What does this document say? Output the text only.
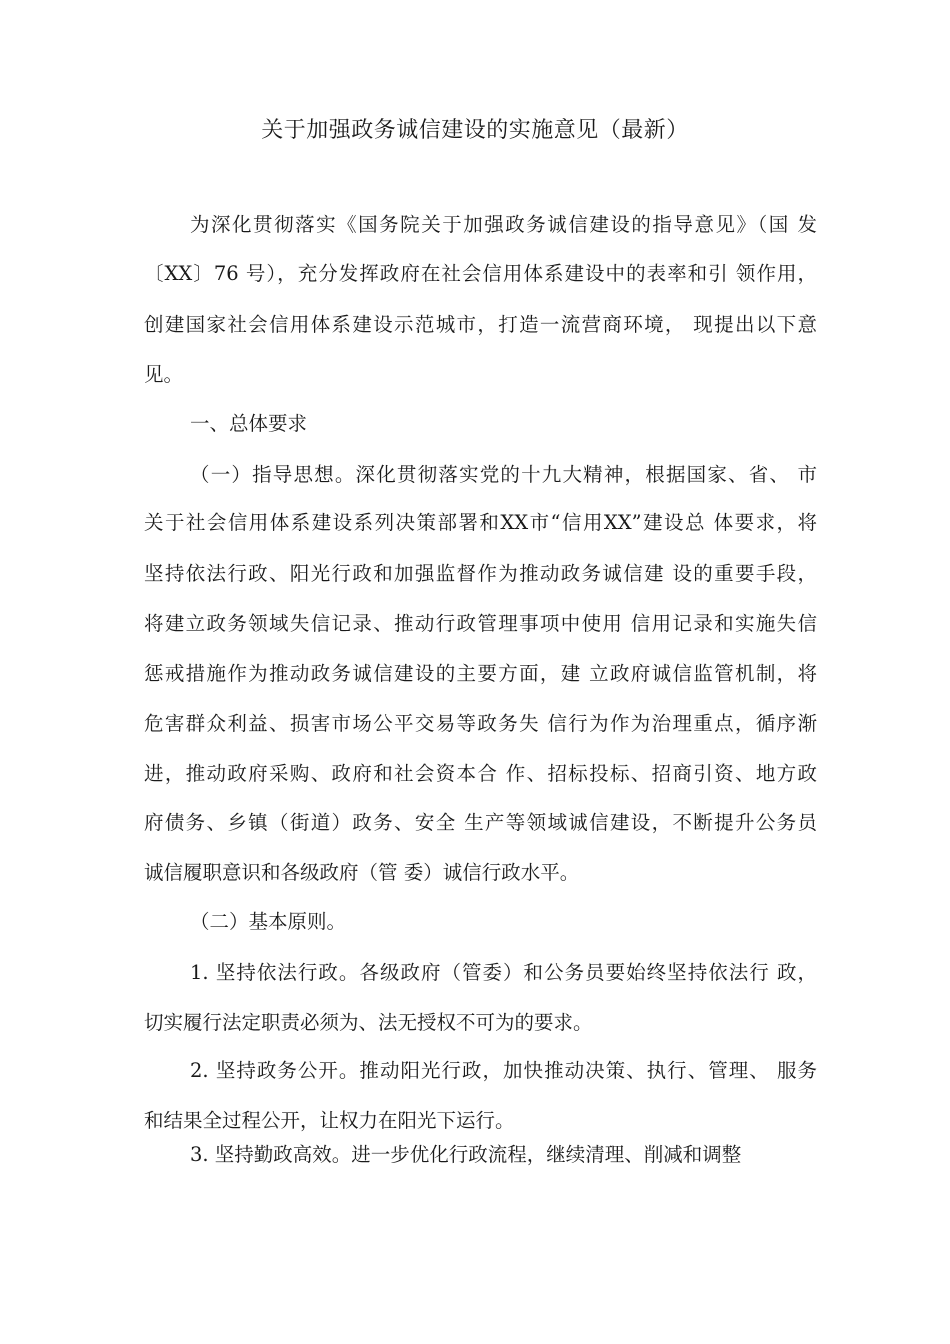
关于加强政务诚信建设的实施意见（最新）
为深化贯彻落实《国务院关于加强政务诚信建设的指导意见》（国 发
〔XX〕76 号），充分发挥政府在社会信用体系建设中的表率和引 领作用，
创建国家社会信用体系建设示范城市，打造一流营商环境， 现提出以下意
见。
一、总体要求
（一）指导思想。深化贯彻落实党的十九大精神，根据国家、省、 市
关于社会信用体系建设系列决策部署和XX市“信用XX”建设总 体要求，将
坚持依法行政、阳光行政和加强监督作为推动政务诚信建 设的重要手段，
将建立政务领域失信记录、推动行政管理事项中使用 信用记录和实施失信
惩戒措施作为推动政务诚信建设的主要方面，建 立政府诚信监管机制，将
危害群众利益、损害市场公平交易等政务失 信行为作为治理重点，循序渐
进，推动政府采购、政府和社会资本合 作、招标投标、招商引资、地方政
府债务、乡镇（街道）政务、安全 生产等领域诚信建设，不断提升公务员
诚信履职意识和各级政府（管 委）诚信行政水平。
（二）基本原则。
1. 坚持依法行政。各级政府（管委）和公务员要始终坚持依法行 政，
切实履行法定职责必须为、法无授权不可为的要求。
2. 坚持政务公开。推动阳光行政，加快推动决策、执行、管理、 服务
和结果全过程公开，让权力在阳光下运行。
3. 坚持勤政高效。进一步优化行政流程，继续清理、削减和调整
